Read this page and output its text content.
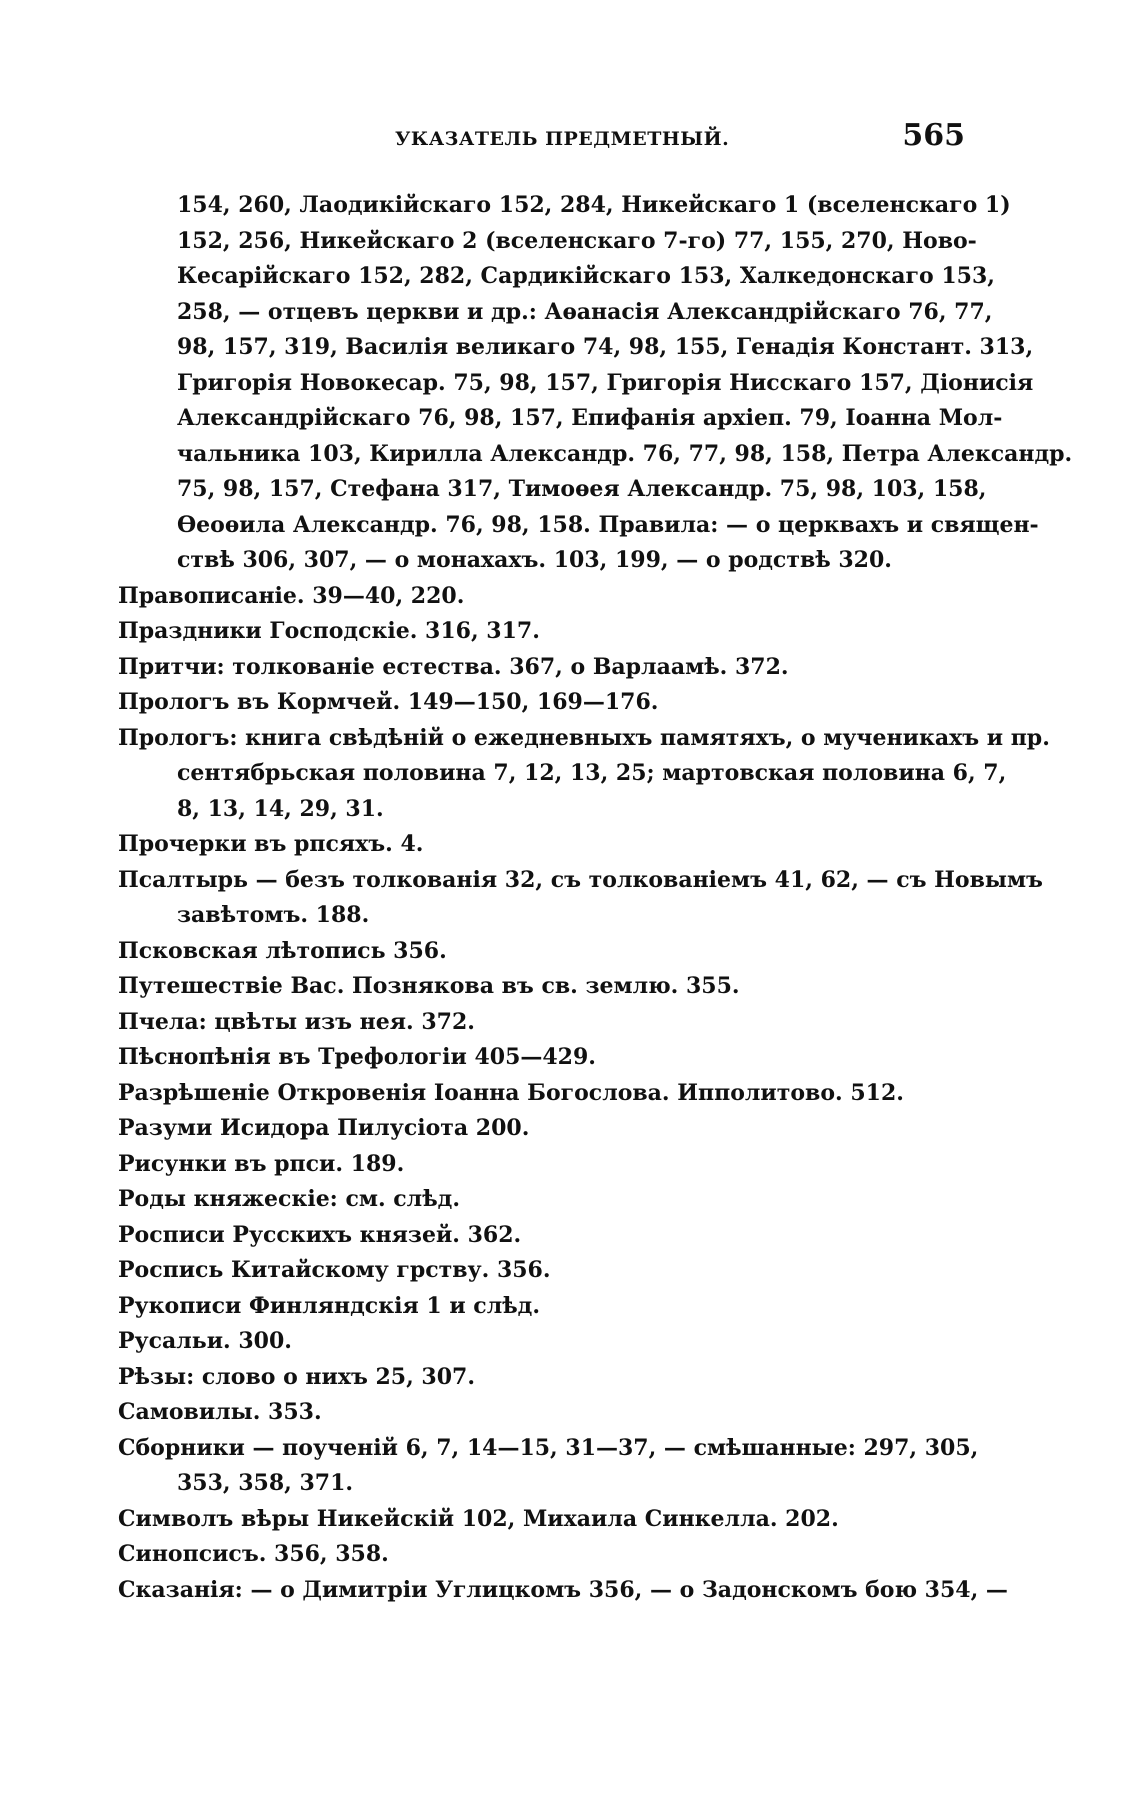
УКАЗАТЕЛЬ ПРЕДМЕТНЫЙ.	565
154, 260, Лаодикійскаго 152, 284, Никейскаго 1 (вселенскаго 1)
152, 256, Никейскаго 2 (вселенскаго 7-го) 77, 155, 270, Ново-
Кесарійскаго 152, 282, Сардикійскаго 153, Халкедонскаго 153,
258, — отцевъ церкви и др.: Аѳанасія Александрійскаго 76, 77,
98, 157, 319, Василія великаго 74, 98, 155, Генадія Констант. 313,
Григорія Новокесар. 75, 98, 157, Григорія Нисскаго 157, Діонисія
Александрійскаго 76, 98, 157, Епифанія архіеп. 79, Іоанна Мол-
чальника 103, Кирилла Александр. 76, 77, 98, 158, Петра Александр.
75, 98, 157, Стефана 317, Тимоѳея Александр. 75, 98, 103, 158,
Ѳеоѳила Александр. 76, 98, 158. Правила: — о церквахъ и священ-
ствѣ 306, 307, — о монахахъ. 103, 199, — о родствѣ 320.
Правописаніе. 39—40, 220.
Праздники Господскіе. 316, 317.
Притчи: толкованіе естества. 367, о Варлаамѣ. 372.
Прологъ въ Кормчей. 149—150, 169—176.
Прологъ: книга свѣдѣній о ежедневныхъ памятяхъ, о мученикахъ и пр.
сентябрьская половина 7, 12, 13, 25; мартовская половина 6, 7,
8, 13, 14, 29, 31.
Прочерки въ рпсяхъ. 4.
Псалтырь — безъ толкованія 32, съ толкованіемъ 41, 62, — съ Новымъ
завѣтомъ. 188.
Псковская лѣтопись 356.
Путешествіе Вас. Познякова въ св. землю. 355.
Пчела: цвѣты изъ нея. 372.
Пѣснопѣнія въ Трефологіи 405—429.
Разрѣшеніе Откровенія Іоанна Богослова. Ипполитово. 512.
Разуми Исидора Пилусіота 200.
Рисунки въ рпси. 189.
Роды княжескіе: см. слѣд.
Росписи Русскихъ князей. 362.
Роспись Китайскому грству. 356.
Рукописи Финляндскія 1 и слѣд.
Русальи. 300.
Рѣзы: слово о нихъ 25, 307.
Самовилы. 353.
Сборники — поученій 6, 7, 14—15, 31—37, — смѣшанные: 297, 305,
353, 358, 371.
Символъ вѣры Никейскій 102, Михаила Синкелла. 202.
Синопсисъ. 356, 358.
Сказанія: — о Димитріи Углицкомъ 356, — о Задонскомъ бою 354, —
